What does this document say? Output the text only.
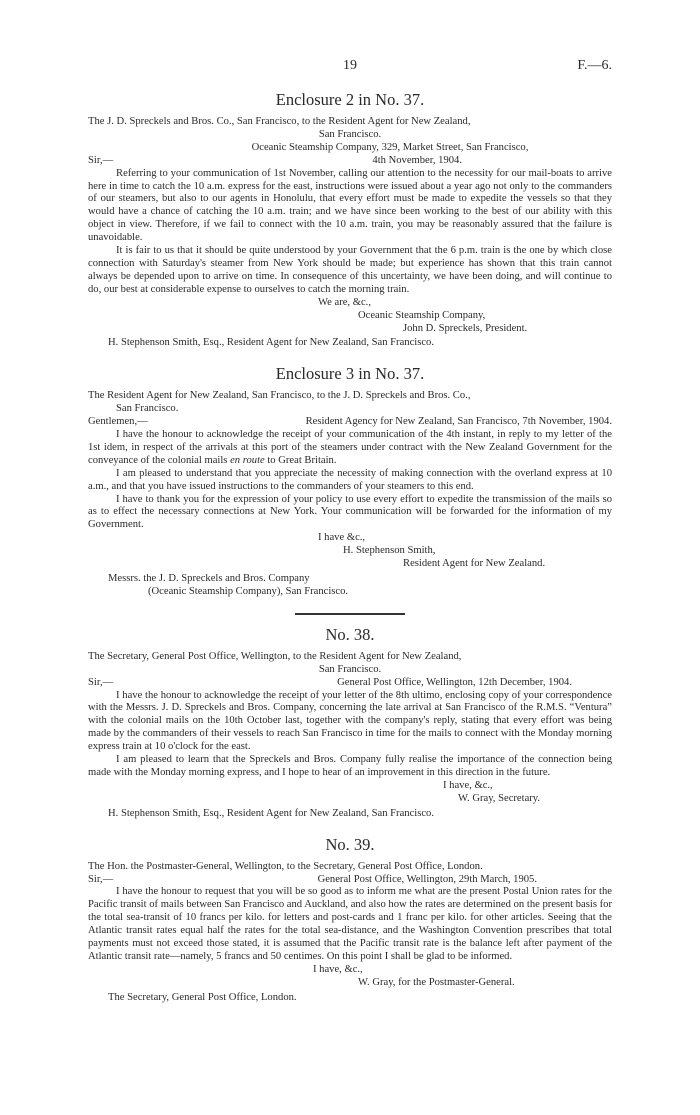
19	F.—6.
Enclosure 2 in No. 37.
The J. D. Spreckels and Bros. Co., San Francisco, to the Resident Agent for New Zealand,
San Francisco.
Oceanic Steamship Company, 329, Market Street, San Francisco,
Sir,—	4th November, 1904.

Referring to your communication of 1st November, calling our attention to the necessity for our mail-boats to arrive here in time to catch the 10 a.m. express for the east, instructions were issued about a year ago not only to the commanders of our steamers, but also to our agents in Honolulu, that every effort must be made to expedite the vessels so that they would have a chance of catching the 10 a.m. train; and we have since been working to the best of our ability with this object in view. Therefore, if we fail to connect with the 10 a.m. train, you may be reasonably assured that the failure is unavoidable.

It is fair to us that it should be quite understood by your Government that the 6 p.m. train is the one by which close connection with Saturday's steamer from New York should be made; but experience has shown that this train cannot always be depended upon to arrive on time. In consequence of this uncertainty, we have been doing, and will continue to do, our best at considerable expense to ourselves to catch the morning train.

We are, &c.,
Oceanic Steamship Company,
John D. Spreckels, President.
H. Stephenson Smith, Esq., Resident Agent for New Zealand, San Francisco.
Enclosure 3 in No. 37.
The Resident Agent for New Zealand, San Francisco, to the J. D. Spreckels and Bros. Co.,
San Francisco.
Gentlemen,—	Resident Agency for New Zealand, San Francisco, 7th November, 1904.

I have the honour to acknowledge the receipt of your communication of the 4th instant, in reply to my letter of the 1st idem, in respect of the arrivals at this port of the steamers under contract with the New Zealand Government for the conveyance of the colonial mails en route to Great Britain.

I am pleased to understand that you appreciate the necessity of making connection with the overland express at 10 a.m., and that you have issued instructions to the commanders of your steamers to this end.

I have to thank you for the expression of your policy to use every effort to expedite the transmission of the mails so as to effect the necessary connections at New York. Your communication will be forwarded for the information of my Government.

I have &c.,
H. Stephenson Smith,
Resident Agent for New Zealand.
Messrs. the J. D. Spreckels and Bros. Company
(Oceanic Steamship Company), San Francisco.
No. 38.
The Secretary, General Post Office, Wellington, to the Resident Agent for New Zealand,
San Francisco.
Sir,—	General Post Office, Wellington, 12th December, 1904.

I have the honour to acknowledge the receipt of your letter of the 8th ultimo, enclosing copy of your correspondence with the Messrs. J. D. Spreckels and Bros. Company, concerning the late arrival at San Francisco of the R.M.S. “Ventura” with the colonial mails on the 10th October last, together with the company's reply, stating that every effort was being made by the commanders of their vessels to reach San Francisco in time for the mails to connect with the Monday morning express train at 10 o'clock for the east.

I am pleased to learn that the Spreckels and Bros. Company fully realise the importance of the connection being made with the Monday morning express, and I hope to hear of an improvement in this direction in the future.

I have, &c.,
W. Gray, Secretary.
H. Stephenson Smith, Esq., Resident Agent for New Zealand, San Francisco.
No. 39.
The Hon. the Postmaster-General, Wellington, to the Secretary, General Post Office, London.
Sir,—	General Post Office, Wellington, 29th March, 1905.

I have the honour to request that you will be so good as to inform me what are the present Postal Union rates for the Pacific transit of mails between San Francisco and Auckland, and also how the rates are determined on the present basis for the total sea-transit of 10 francs per kilo. for letters and post-cards and 1 franc per kilo. for other articles. Seeing that the Atlantic transit rates equal half the rates for the total sea-distance, and the Washington Convention prescribes that total payments must not exceed those stated, it is assumed that the Pacific transit rate is the balance left after payment of the Atlantic transit rate—namely, 5 francs and 50 centimes. On this point I shall be glad to be informed.

I have, &c.,
W. Gray, for the Postmaster-General.
The Secretary, General Post Office, London.
